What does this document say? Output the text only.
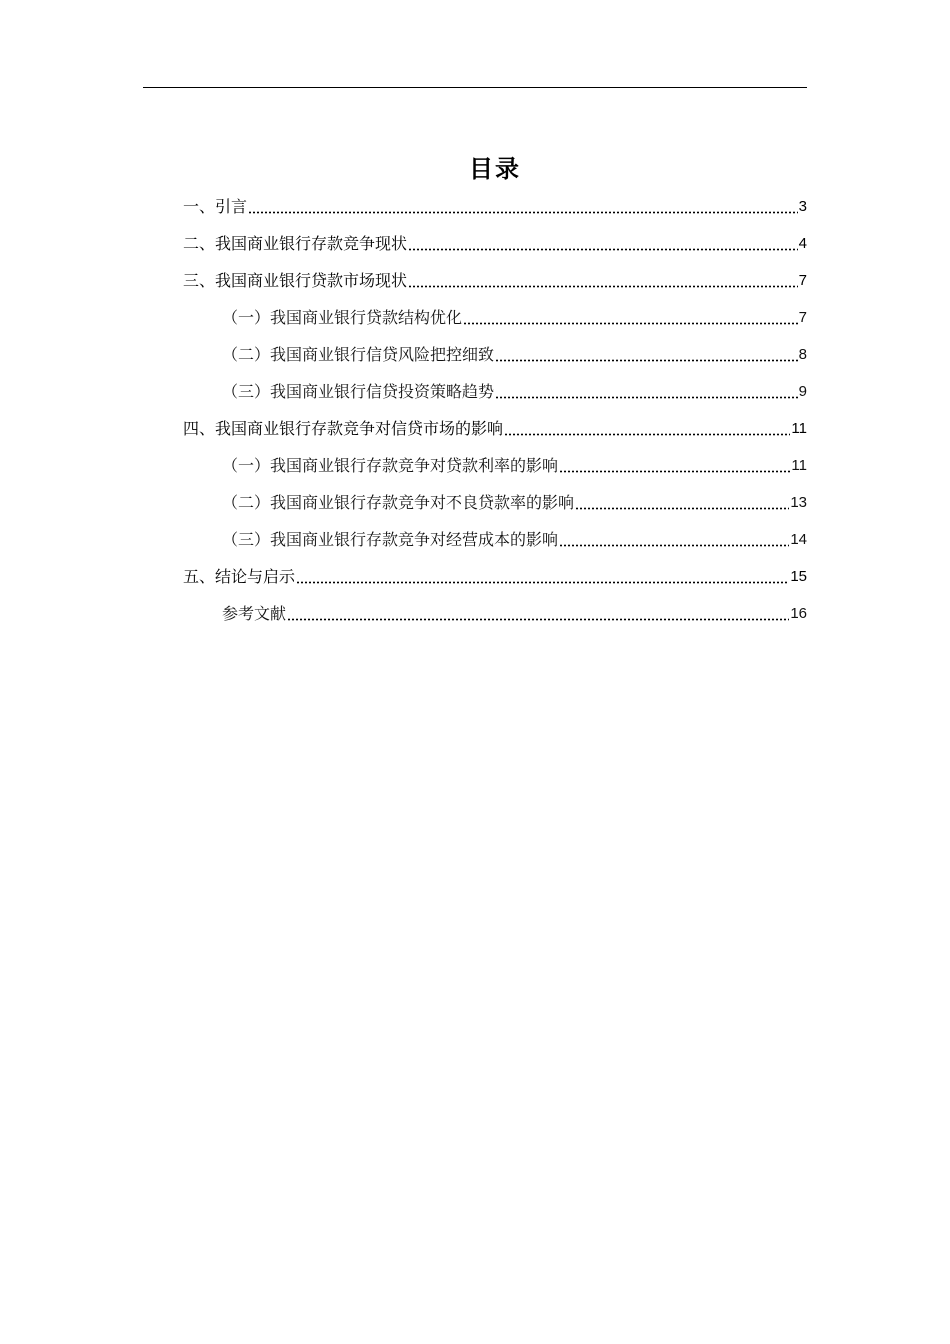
目录
一、引言	3
二、我国商业银行存款竞争现状	4
三、我国商业银行贷款市场现状	7
（一）我国商业银行贷款结构优化	7
（二）我国商业银行信贷风险把控细致	8
（三）我国商业银行信贷投资策略趋势	9
四、我国商业银行存款竞争对信贷市场的影响	11
（一）我国商业银行存款竞争对贷款利率的影响	11
（二）我国商业银行存款竞争对不良贷款率的影响	13
（三）我国商业银行存款竞争对经营成本的影响	14
五、结论与启示	15
参考文献	16
